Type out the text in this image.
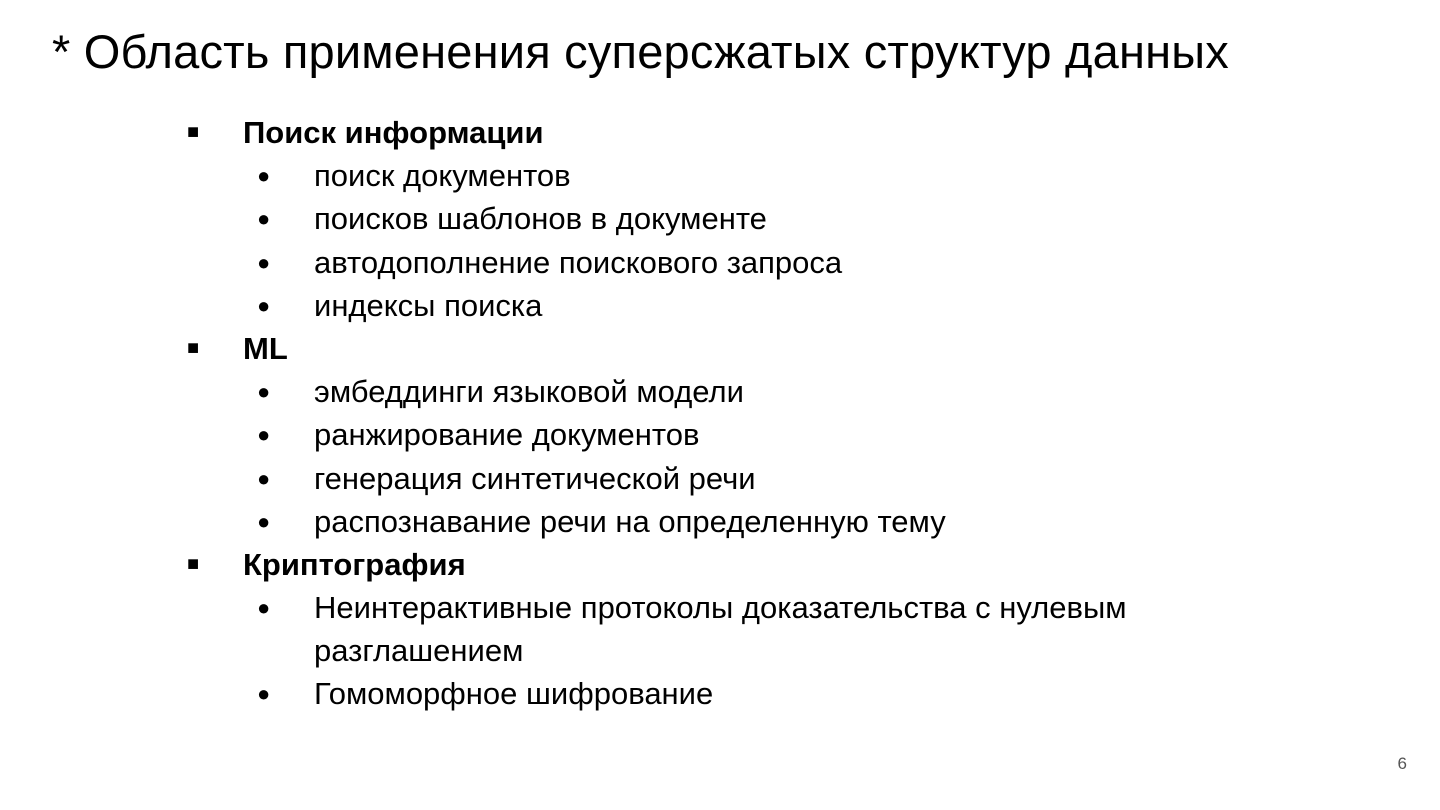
* Область применения суперсжатых структур данных
■ Поиск информации
● поиск документов
● поисков шаблонов в документе
● автодополнение поискового запроса
● индексы поиска
■ ML
● эмбеддинги языковой модели
● ранжирование документов
● генерация синтетической речи
● распознавание речи на определенную тему
■ Криптография
● Неинтерактивные протоколы доказательства с нулевым
разглашением
● Гомоморфное шифрование
6
